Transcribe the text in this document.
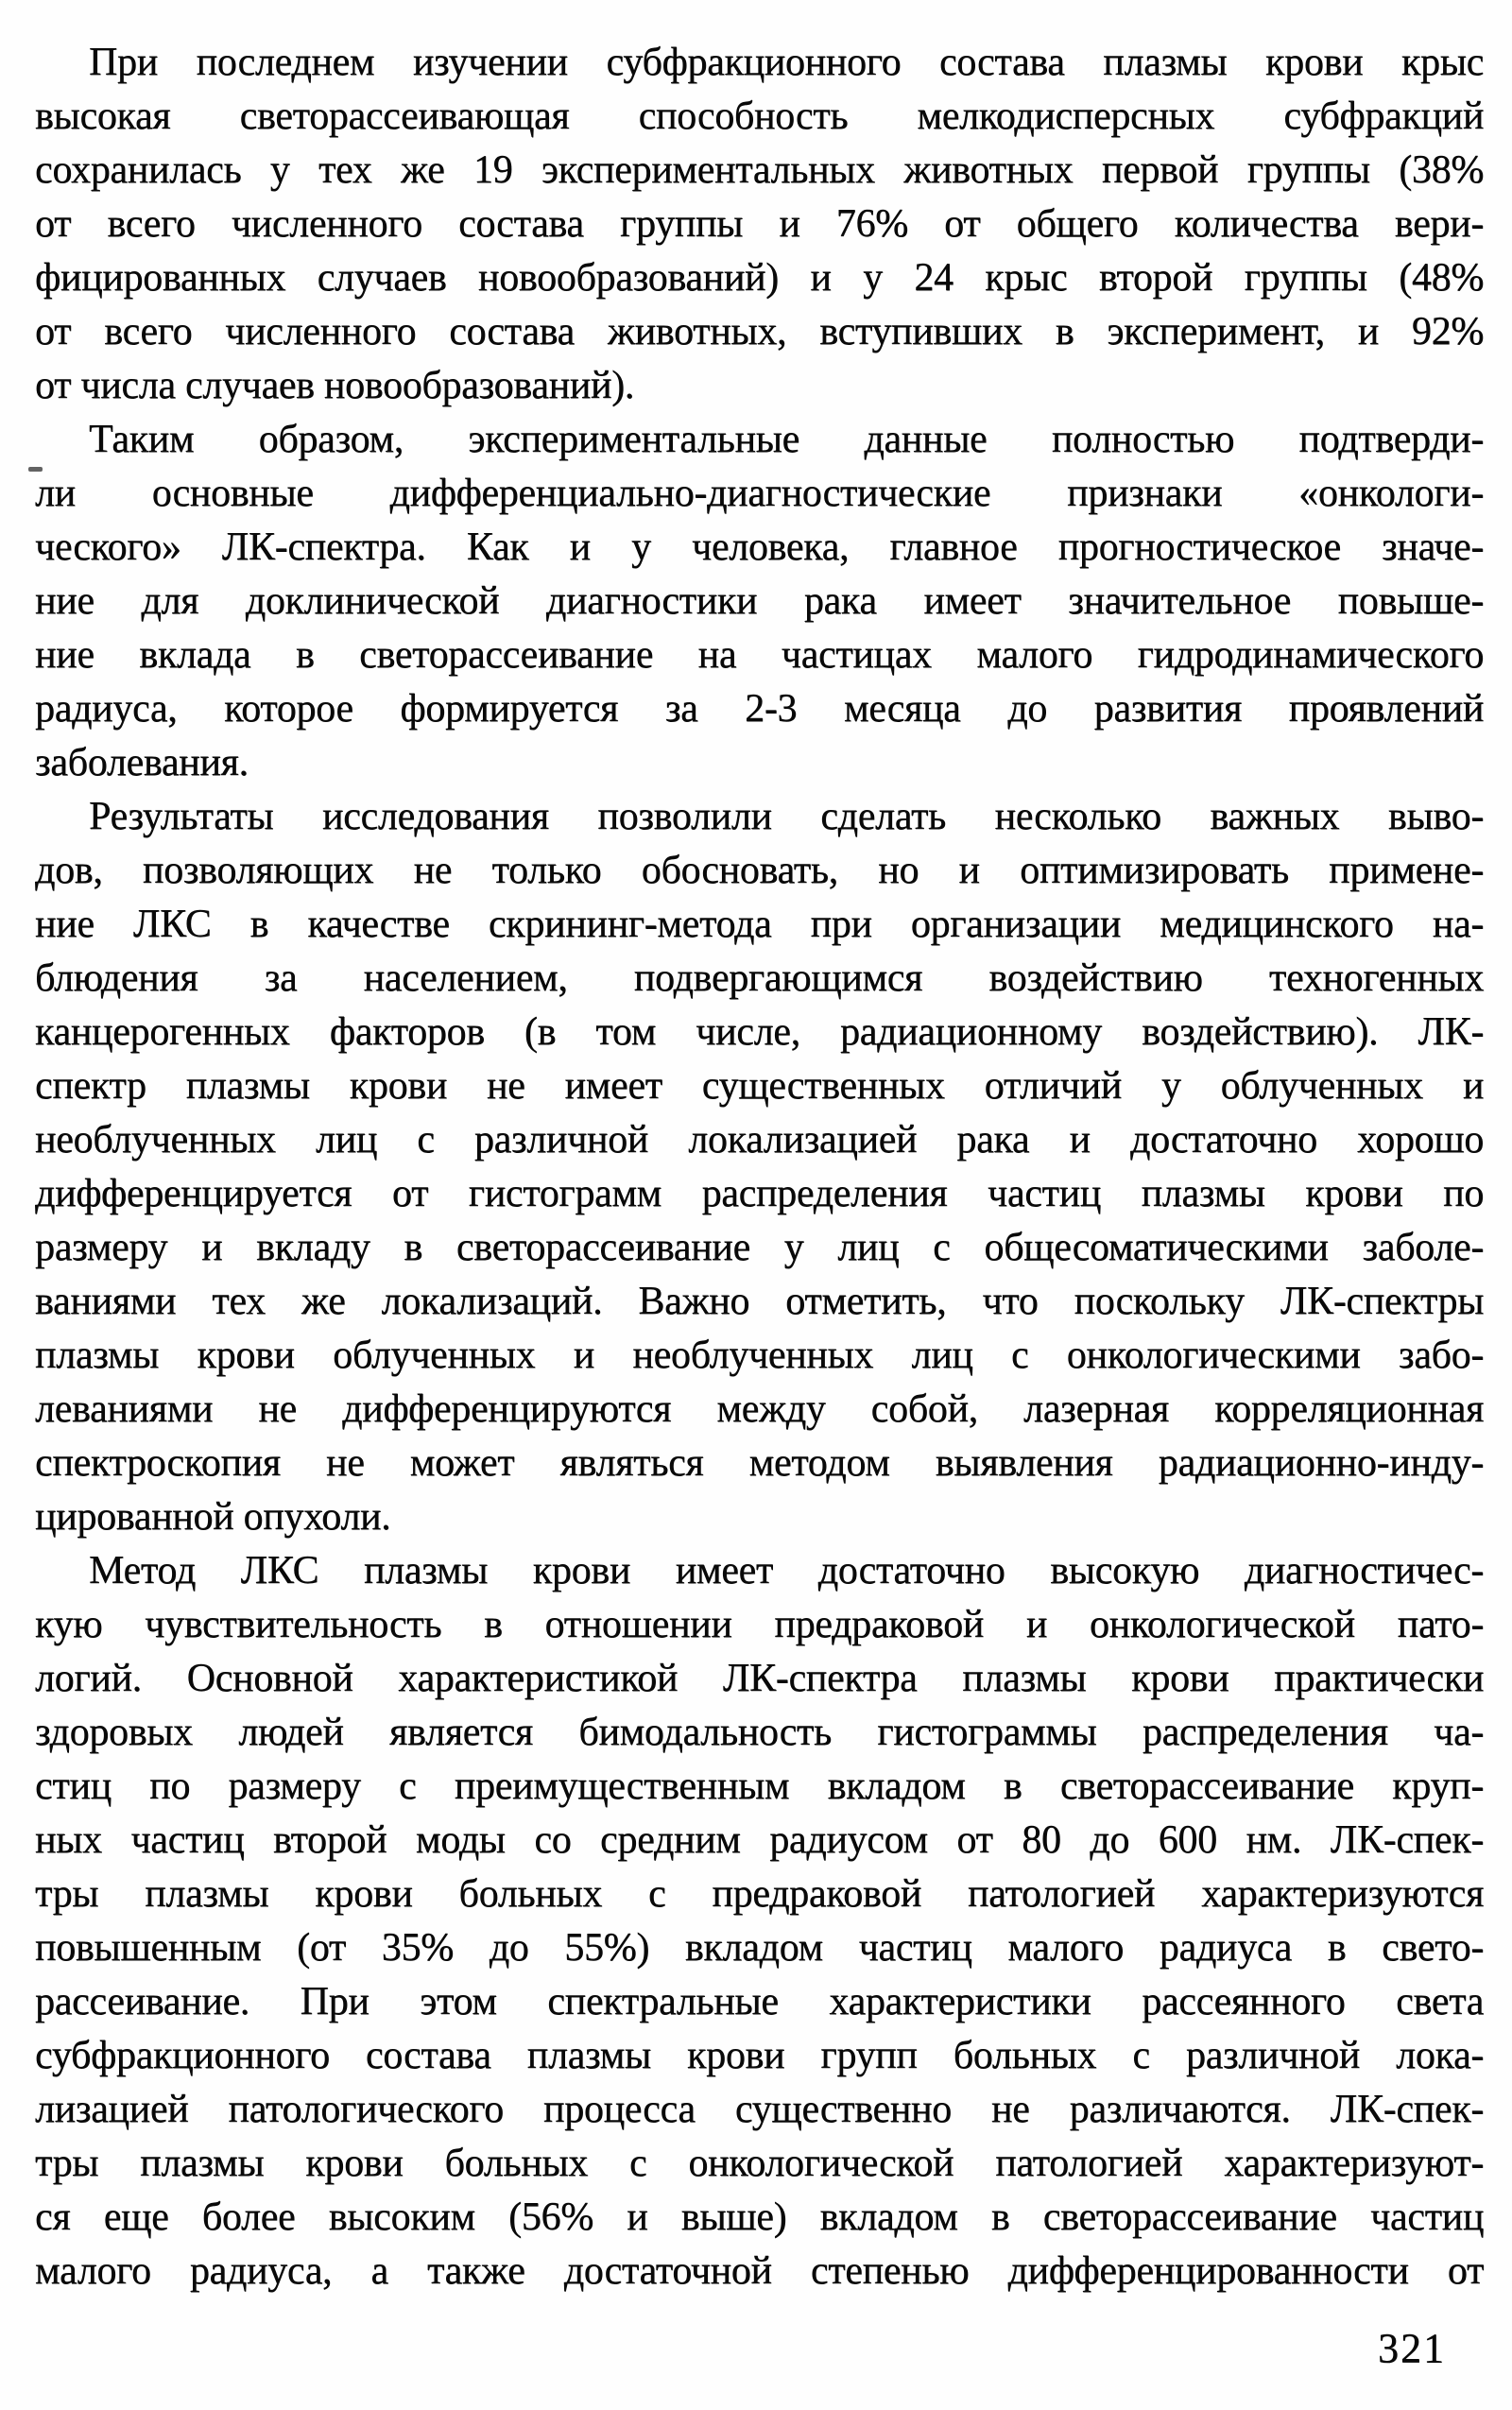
При последнем изучении субфракционного состава плазмы крови крыс
высокая светорассеивающая способность мелкодисперсных субфракций
сохранилась у тех же 19 экспериментальных животных первой группы (38%
от всего численного состава группы и 76% от общего количества вери-
фицированных случаев новообразований) и у 24 крыс второй группы (48%
от всего численного состава животных, вступивших в эксперимент, и 92%
от числа случаев новообразований).
Таким образом, экспериментальные данные полностью подтверди-
ли основные дифференциально-диагностические признаки «онкологи-
ческого» ЛК-спектра. Как и у человека, главное прогностическое значе-
ние для доклинической диагностики рака имеет значительное повыше-
ние вклада в светорассеивание на частицах малого гидродинамического
радиуса, которое формируется за 2-3 месяца до развития проявлений
заболевания.
Результаты исследования позволили сделать несколько важных выво-
дов, позволяющих не только обосновать, но и оптимизировать примене-
ние ЛКС в качестве скрининг-метода при организации медицинского на-
блюдения за населением, подвергающимся воздействию техногенных
канцерогенных факторов (в том числе, радиационному воздействию). ЛК-
спектр плазмы крови не имеет существенных отличий у облученных и
необлученных лиц с различной локализацией рака и достаточно хорошо
дифференцируется от гистограмм распределения частиц плазмы крови по
размеру и вкладу в светорассеивание у лиц с общесоматическими заболе-
ваниями тех же локализаций. Важно отметить, что поскольку ЛК-спектры
плазмы крови облученных и необлученных лиц с онкологическими забо-
леваниями не дифференцируются между собой, лазерная корреляционная
спектроскопия не может являться методом выявления радиационно-инду-
цированной опухоли.
Метод ЛКС плазмы крови имеет достаточно высокую диагностичес-
кую чувствительность в отношении предраковой и онкологической пато-
логий. Основной характеристикой ЛК-спектра плазмы крови практически
здоровых людей является бимодальность гистограммы распределения ча-
стиц по размеру с преимущественным вкладом в светорассеивание круп-
ных частиц второй моды со средним радиусом от 80 до 600 нм. ЛК-спек-
тры плазмы крови больных с предраковой патологией характеризуются
повышенным (от 35% до 55%) вкладом частиц малого радиуса в свето-
рассеивание. При этом спектральные характеристики рассеянного света
субфракционного состава плазмы крови групп больных с различной лока-
лизацией патологического процесса существенно не различаются. ЛК-спек-
тры плазмы крови больных с онкологической патологией характеризуют-
ся еще более высоким (56% и выше) вкладом в светорассеивание частиц
малого радиуса, а также достаточной степенью дифференцированности от
321
